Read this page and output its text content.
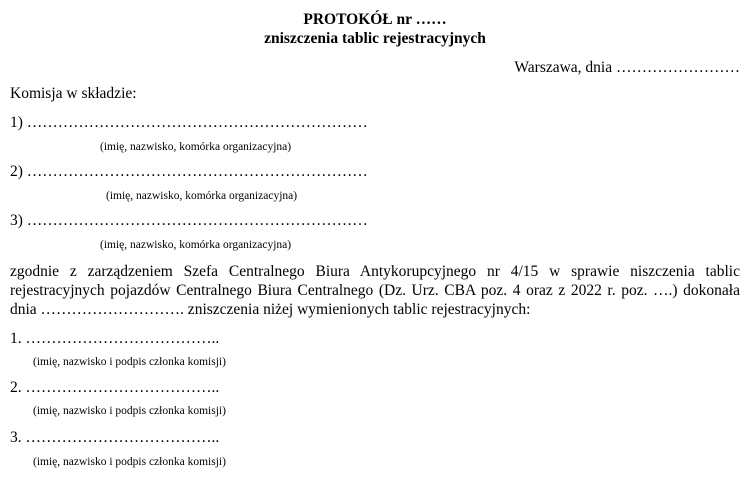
PROTOKÓŁ nr ……
zniszczenia tablic rejestracyjnych
Warszawa, dnia ……………………
Komisja w składzie:
1) …………………………………………………………
(imię, nazwisko, komórka organizacyjna)
2) …………………………………………………………
(imię, nazwisko, komórka organizacyjna)
3) …………………………………………………………
(imię, nazwisko, komórka organizacyjna)
zgodnie z zarządzeniem Szefa Centralnego Biura Antykorupcyjnego nr 4/15 w sprawie niszczenia tablic rejestracyjnych pojazdów Centralnego Biura Centralnego (Dz. Urz. CBA poz. 4 oraz z 2022 r. poz. ….) dokonała dnia ………………………. zniszczenia niżej wymienionych tablic rejestracyjnych:
1. ………………………………..
(imię, nazwisko i podpis członka komisji)
2. ………………………………..
(imię, nazwisko i podpis członka komisji)
3. ………………………………..
(imię, nazwisko i podpis członka komisji)
